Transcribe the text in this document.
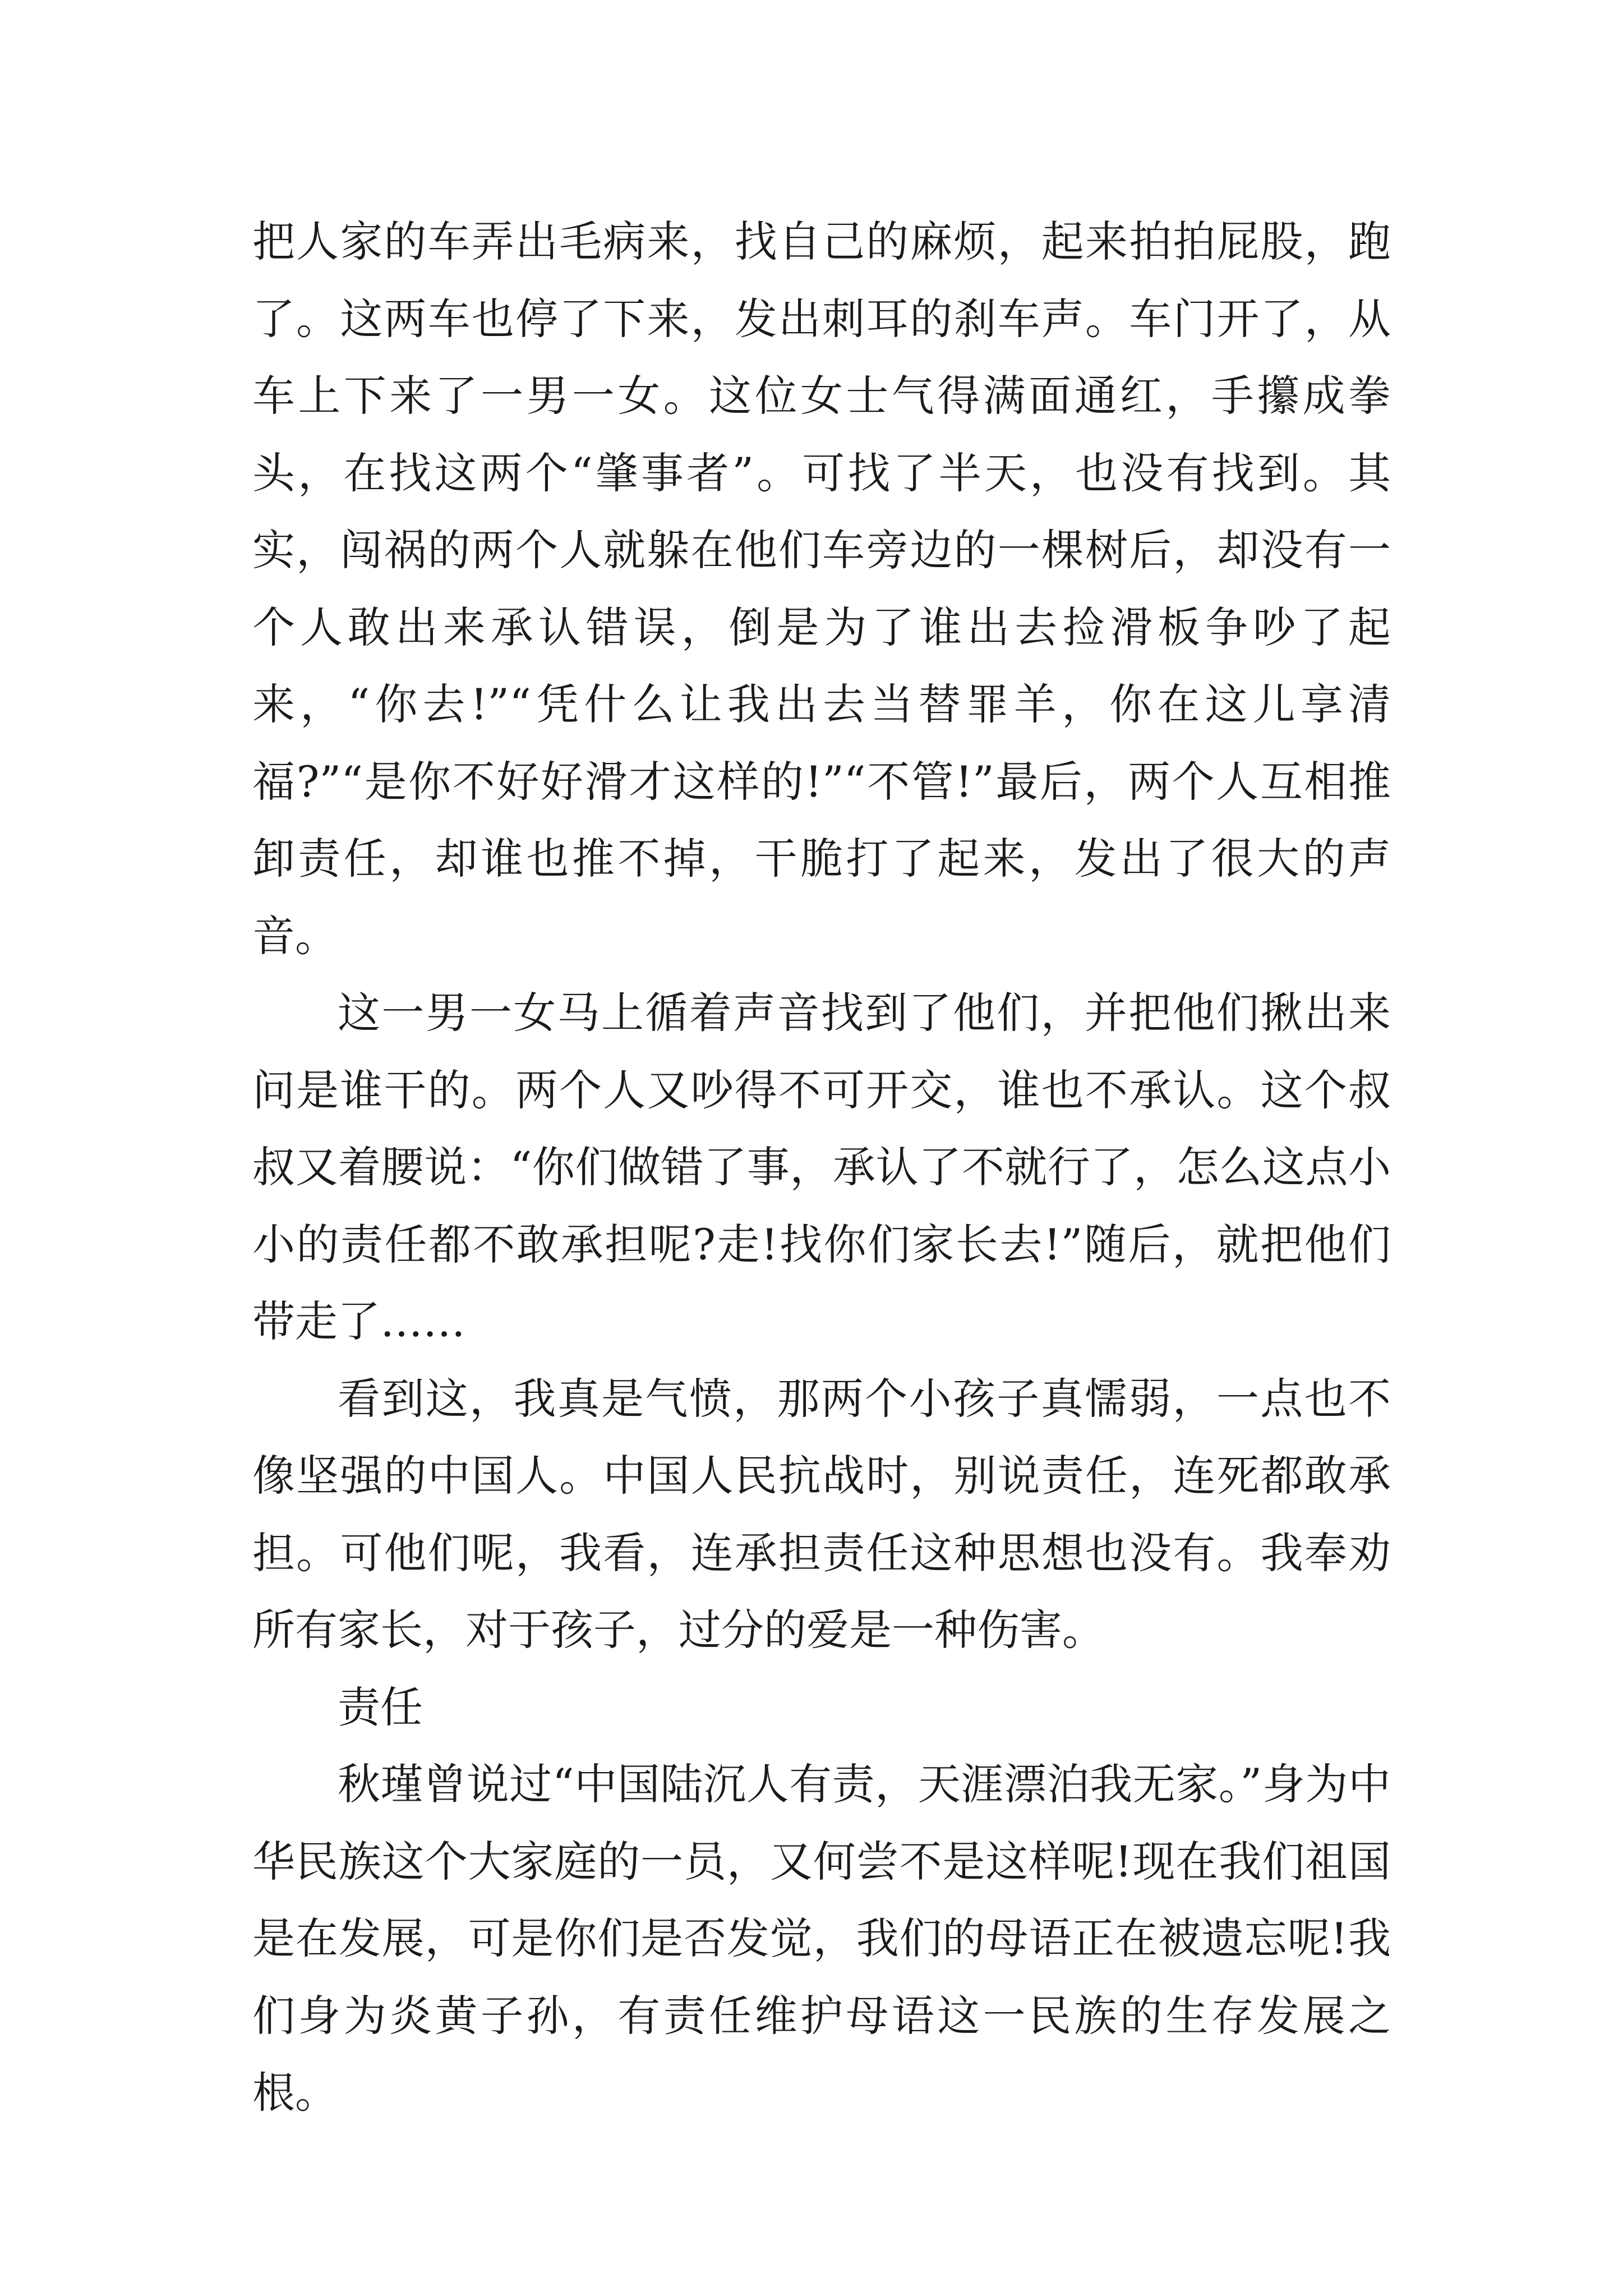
把人家的车弄出毛病来，找自己的麻烦，起来拍拍屁股，跑了。这两车也停了下来，发出刺耳的刹车声。车门开了，从车上下来了一男一女。这位女士气得满面通红，手攥成拳头，在找这两个“肇事者”。可找了半天，也没有找到。其实，闯祸的两个人就躲在他们车旁边的一棵树后，却没有一个人敢出来承认错误，倒是为了谁出去捡滑板争吵了起来，“你去!”“凭什么让我出去当替罪羊，你在这儿享清福?”“是你不好好滑才这样的!”“不管!”最后，两个人互相推卸责任，却谁也推不掉，干脆打了起来，发出了很大的声音。

这一男一女马上循着声音找到了他们，并把他们揪出来问是谁干的。两个人又吵得不可开交，谁也不承认。这个叔叔又着腰说：“你们做错了事，承认了不就行了，怎么这点小小的责任都不敢承担呢?走!找你们家长去!”随后，就把他们带走了……

看到这，我真是气愤，那两个小孩子真懦弱，一点也不像坚强的中国人。中国人民抗战时，别说责任，连死都敢承担。可他们呢，我看，连承担责任这种思想也没有。我奉劝所有家长，对于孩子，过分的爱是一种伤害。

责任

秋瑾曾说过“中国陆沉人有责，天涯漂泊我无家。”身为中华民族这个大家庭的一员，又何尝不是这样呢!现在我们祖国是在发展，可是你们是否发觉，我们的母语正在被遗忘呢!我们身为炎黄子孙，有责任维护母语这一民族的生存发展之根。
